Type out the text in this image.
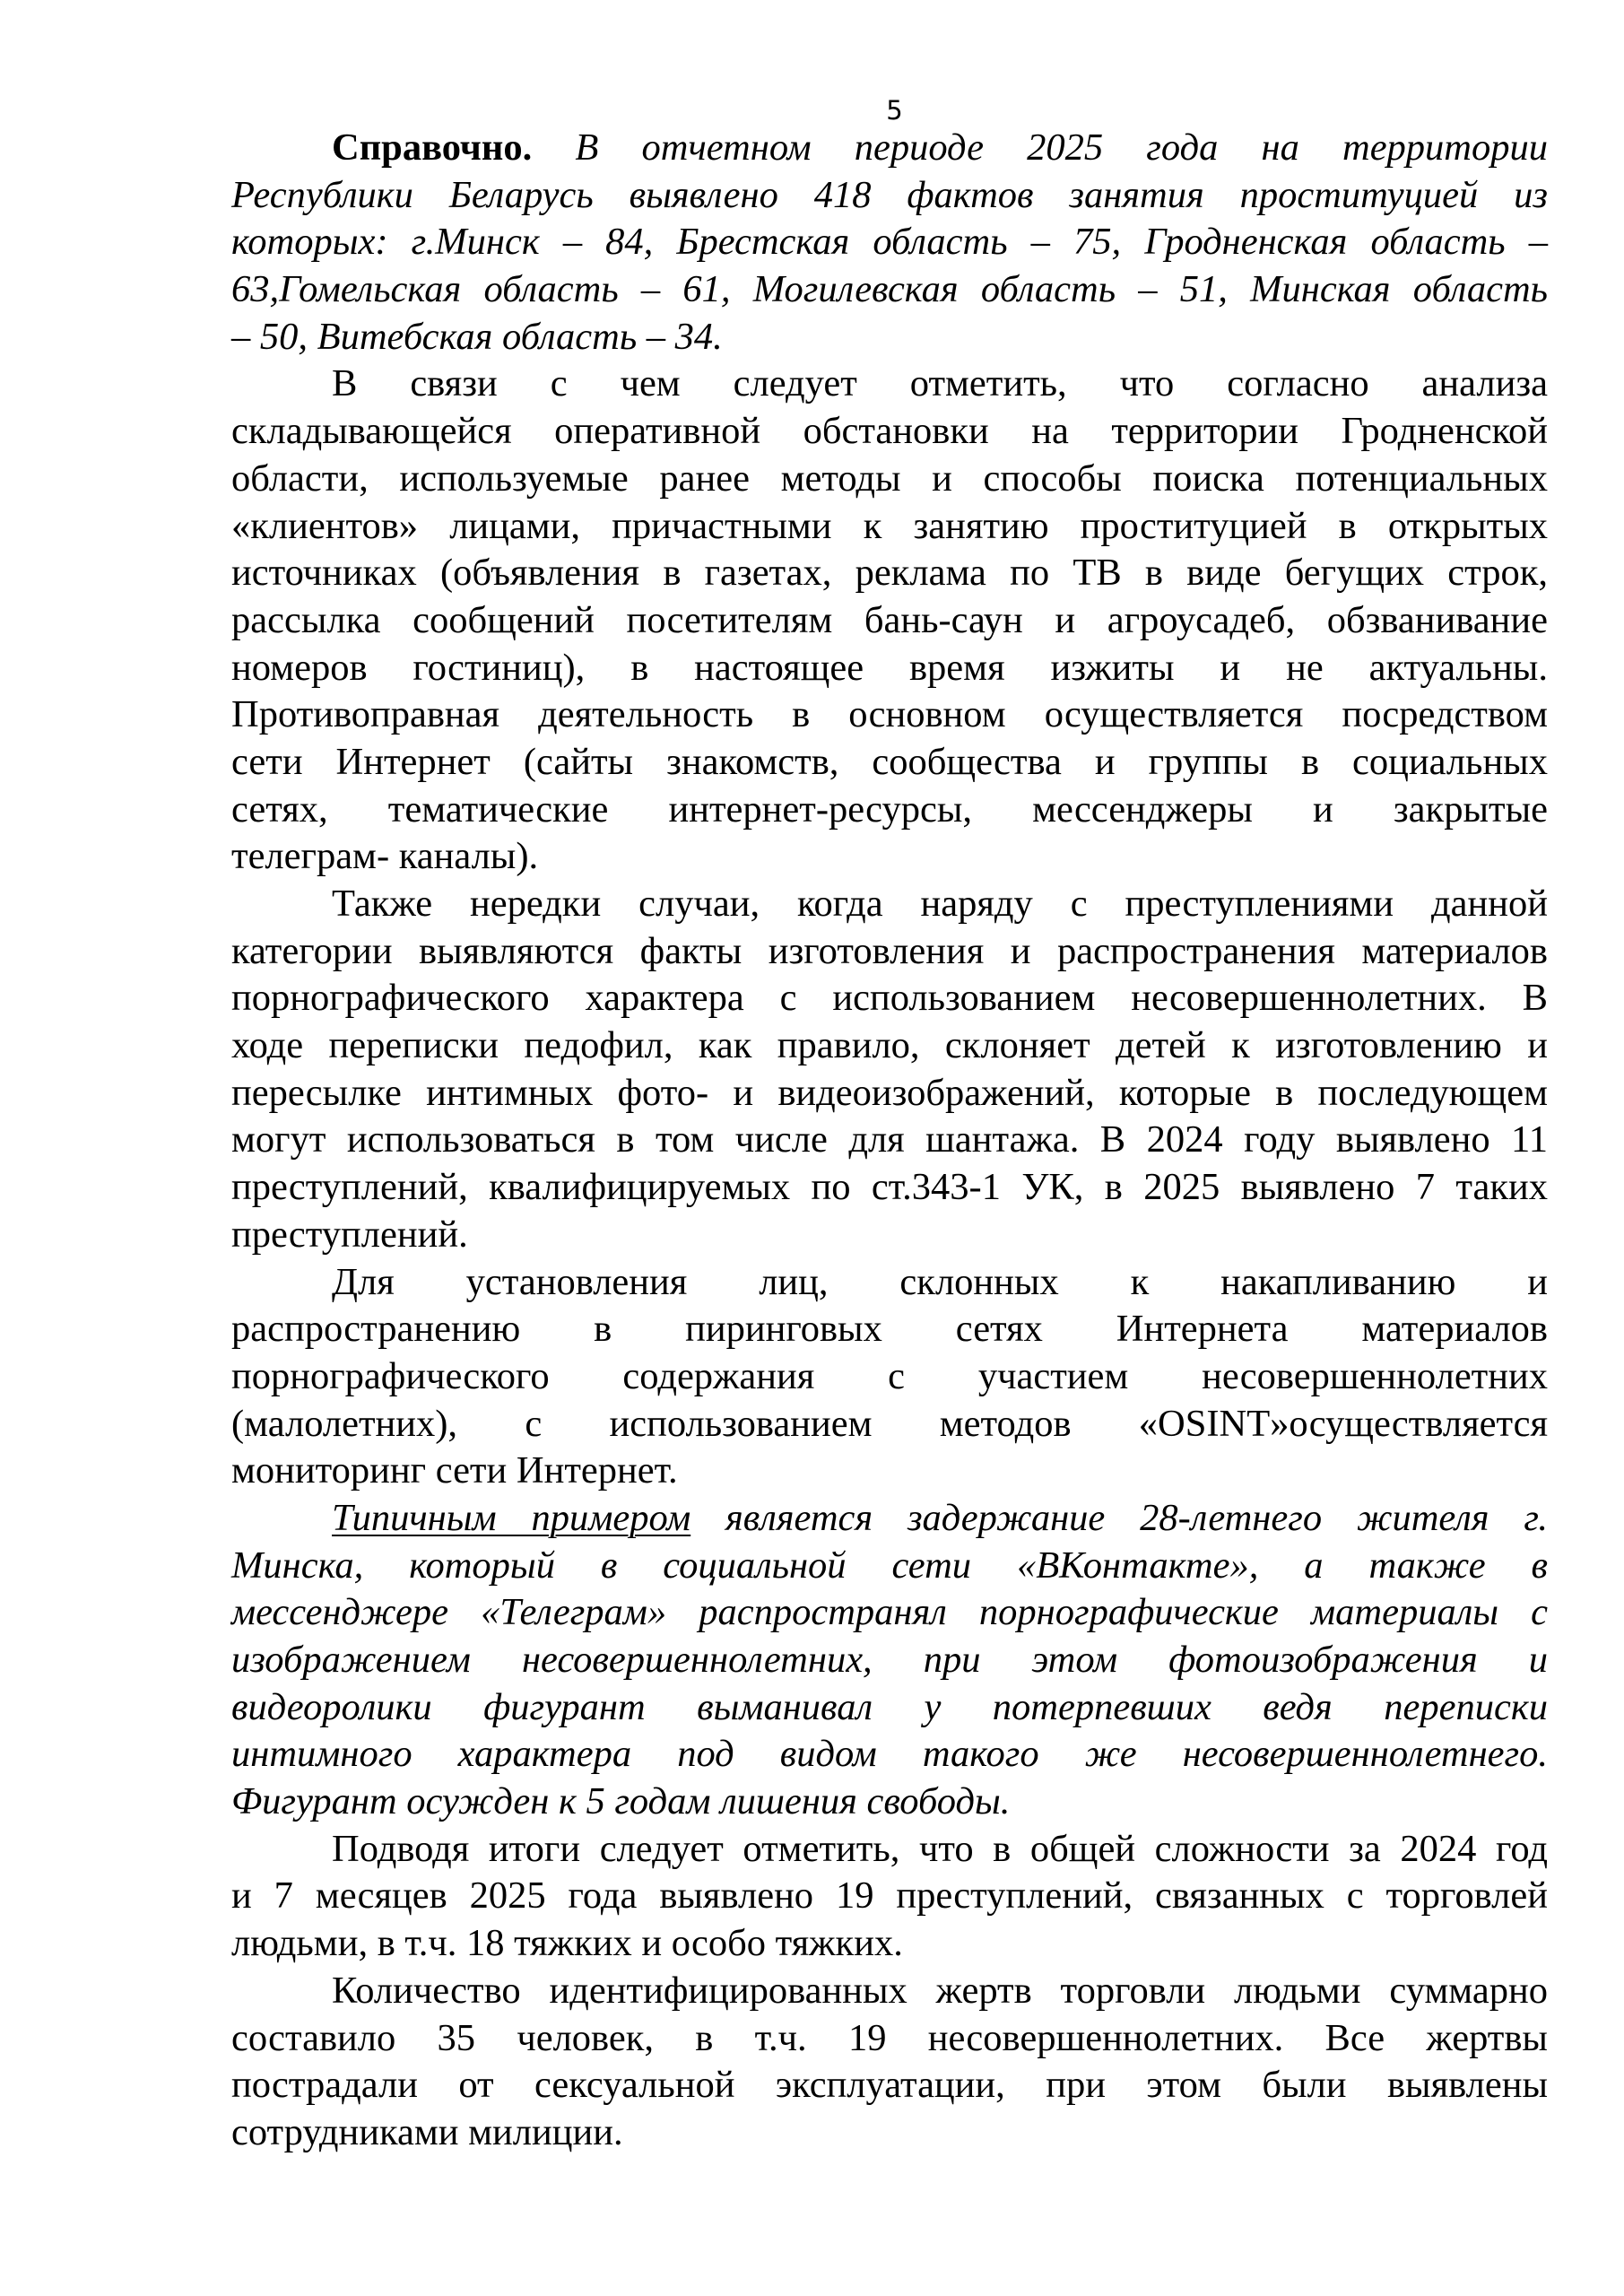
5
Справочно. В отчетном периоде 2025 года на территории
Республики Беларусь выявлено 418 фактов занятия проституцией из
которых: г.Минск – 84, Брестская область – 75, Гродненская область –
63,Гомельская область – 61, Могилевская область – 51, Минская область
– 50, Витебская область – 34.
В связи с чем следует отметить, что согласно анализа
складывающейся оперативной обстановки на территории Гродненской
области, используемые ранее методы и способы поиска потенциальных
«клиентов» лицами, причастными к занятию проституцией в открытых
источниках (объявления в газетах, реклама по ТВ в виде бегущих строк,
рассылка сообщений посетителям бань-саун и агроусадеб, обзванивание
номеров гостиниц), в настоящее время изжиты и не актуальны.
Противоправная деятельность в основном осуществляется посредством
сети Интернет (сайты знакомств, сообщества и группы в социальных
сетях, тематические интернет-ресурсы, мессенджеры и закрытые
телеграм- каналы).
Также нередки случаи, когда наряду с преступлениями данной
категории выявляются факты изготовления и распространения материалов
порнографического характера с использованием несовершеннолетних. В
ходе переписки педофил, как правило, склоняет детей к изготовлению и
пересылке интимных фото- и видеоизображений, которые в последующем
могут использоваться в том числе для шантажа. В 2024 году выявлено 11
преступлений, квалифицируемых по ст.343-1 УК, в 2025 выявлено 7 таких
преступлений.
Для установления лиц, склонных к накапливанию и
распространению в пиринговых сетях Интернета материалов
порнографического содержания с участием несовершеннолетних
(малолетних), с использованием методов «OSINT»осуществляется
мониторинг сети Интернет.
Типичным примером является задержание 28-летнего жителя г.
Минска, который в социальной сети «ВКонтакте», а также в
мессенджере «Телеграм» распространял порнографические материалы с
изображением несовершеннолетних, при этом фотоизображения и
видеоролики фигурант выманивал у потерпевших ведя переписки
интимного характера под видом такого же несовершеннолетнего.
Фигурант осужден к 5 годам лишения свободы.
Подводя итоги следует отметить, что в общей сложности за 2024 год
и 7 месяцев 2025 года выявлено 19 преступлений, связанных с торговлей
людьми, в т.ч. 18 тяжких и особо тяжких.
Количество идентифицированных жертв торговли людьми суммарно
составило 35 человек, в т.ч. 19 несовершеннолетних. Все жертвы
пострадали от сексуальной эксплуатации, при этом были выявлены
сотрудниками милиции.
